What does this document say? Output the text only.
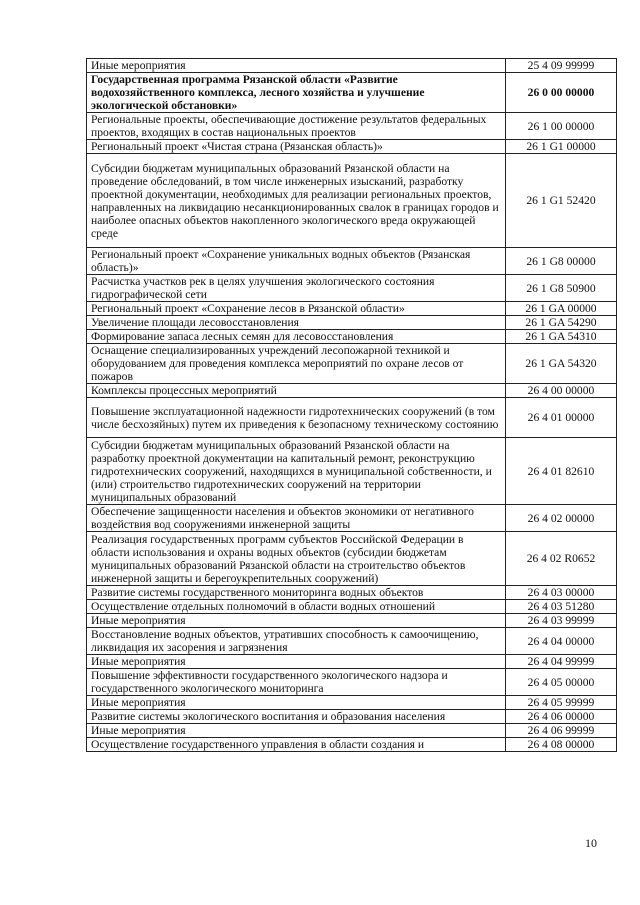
Иные мероприятия	25 4 09 99999
Государственная программа Рязанской области «Развитие водохозяйственного комплекса, лесного хозяйства и улучшение экологической обстановки»	26 0 00 00000
Региональные проекты, обеспечивающие достижение результатов федеральных проектов, входящих в состав национальных проектов	26 1 00 00000
Региональный проект «Чистая страна (Рязанская область)»	26 1 G1 00000
Субсидии бюджетам муниципальных образований Рязанской области на проведение обследований, в том числе инженерных изысканий, разработку проектной документации, необходимых для реализации региональных проектов, направленных на ликвидацию несанкционированных свалок в границах городов и наиболее опасных объектов накопленного экологического вреда окружающей среде	26 1 G1 52420
Региональный проект «Сохранение уникальных водных объектов (Рязанская область)»	26 1 G8 00000
Расчистка участков рек в целях улучшения экологического состояния гидрографической сети	26 1 G8 50900
Региональный проект «Сохранение лесов в Рязанской области»	26 1 GA 00000
Увеличение площади лесовосстановления	26 1 GA 54290
Формирование запаса лесных семян для лесовосстановления	26 1 GA 54310
Оснащение специализированных учреждений лесопожарной техникой и оборудованием для проведения комплекса мероприятий по охране лесов от пожаров	26 1 GA 54320
Комплексы процессных мероприятий	26 4 00 00000
Повышение эксплуатационной надежности гидротехнических сооружений (в том числе бесхозяйных) путем их приведения к безопасному техническому состоянию	26 4 01 00000
Субсидии бюджетам муниципальных образований Рязанской области на разработку проектной документации на капитальный ремонт, реконструкцию гидротехнических сооружений, находящихся в муниципальной собственности, и (или) строительство гидротехнических сооружений на территории муниципальных образований	26 4 01 82610
Обеспечение защищенности населения и объектов экономики от негативного воздействия вод сооружениями инженерной защиты	26 4 02 00000
Реализация государственных программ субъектов Российской Федерации в области использования и охраны водных объектов (субсидии бюджетам муниципальных образований Рязанской области на строительство объектов инженерной защиты и берегоукрепительных сооружений)	26 4 02 R0652
Развитие системы государственного мониторинга водных объектов	26 4 03 00000
Осуществление отдельных полномочий в области водных отношений	26 4 03 51280
Иные мероприятия	26 4 03 99999
Восстановление водных объектов, утративших способность к самоочищению, ликвидация их засорения и загрязнения	26 4 04 00000
Иные мероприятия	26 4 04 99999
Повышение эффективности государственного экологического надзора и государственного экологического мониторинга	26 4 05 00000
Иные мероприятия	26 4 05 99999
Развитие системы экологического воспитания и образования населения	26 4 06 00000
Иные мероприятия	26 4 06 99999
Осуществление государственного управления в области создания и	26 4 08 00000
10
